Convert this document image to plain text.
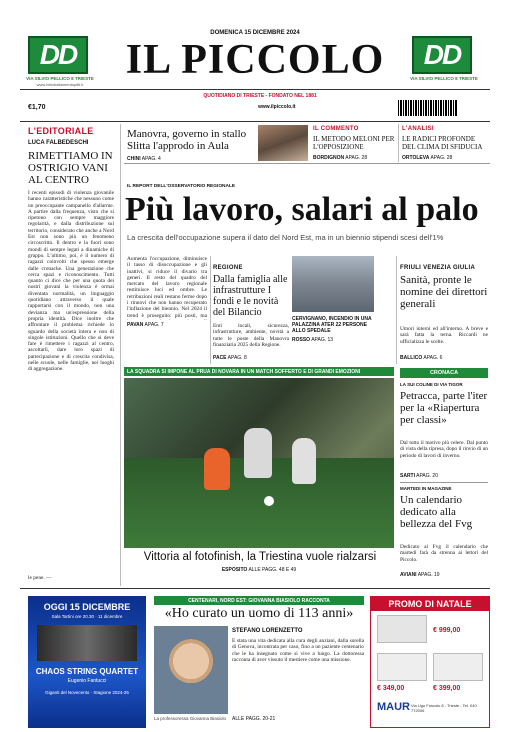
DD
VIA SILVIO PELLICO 8 TRIESTE
www.lottotrattamentopitti.it
DD
VIA SILVIO PELLICO 8 TRIESTE
DOMENICA 15 DICEMBRE 2024
IL PICCOLO
QUOTIDIANO DI TRIESTE - FONDATO NEL 1881
€1,70	www.ilpiccolo.it
L'EDITORIALE
LUCA FALBEDESCHI
RIMETTIAMO IN OSTRIGIO VANI AL CENTRO
I recenti episodi di violenza giovanile hanno caratteristiche che nessuno come un preoccupante campanello d'allarme. A partire dalla frequenza, visto che si ripetono con sempre maggiore regolarità, e dalla distribuzione sul territorio, considerato che anche a Nord Est non sono più un fenomeno circoscritto. Il dentro e la fuori sono mondi di sempre legati a dinamiche di gruppo. L'ultimo, poi, è il numero di ragazzi coinvolti che spesso emerge dalle cronache. Una generazione che cerca spazi e riconoscimento. Tutti quanto ci dice che per una quota dei nostri giovani la violenza è ormai diventata normalità, un linguaggio quotidiano attraverso il quale rapportarsi con il mondo, non una devianza ma un'espressione della propria identità. Dice inoltre che affrontare il problema richiede lo sguardo della società intera e non di singole istituzioni. Quello che si deve fare è rimettere i ragazzi al centro, ascoltarli, dare loro spazi di partecipazione e di crescita condivisa, nelle scuole, nelle famiglie, nei luoghi di aggregazione.
le pene. —
Manovra, governo in stallo Slitta l'approdo in Aula
CHINI APAG. 4
IL COMMENTO
IL METODO MELONI PER L'OPPOSIZIONE
BORDIGNON APAG. 28
L'ANALISI
LE RADICI PROFONDE DEL CLIMA DI SFIDUCIA
ORTOLEVA APAG. 28
IL REPORT DELL'OSSERVATORIO REGIONALE
Più lavoro, salari al palo
La crescita dell'occupazione supera il dato del Nord Est, ma in un biennio stipendi scesi dell'1%
Aumenta l'occupazione, diminuisce il tasso di disoccupazione e gli inattivi, si riduce il divario tra generi. Il resto del quadro del mercato del lavoro regionale restituisce luci ed ombre. Le retribuzioni reali restano ferme dopo i rinnovi che non hanno recuperato l'inflazione del biennio. Nel 2024 il trend è proseguito: più posti, ma
PAVAN APAG. 7
REGIONE
Dalla famiglia alle infrastrutture I fondi e le novità del Bilancio
Enti locali, sicurezza, infrastrutture, ambiente, novità a tutte le poste della Manovra finanziaria 2025 della Regione.
PACE APAG. 8
CERVIGNANO, INCENDIO IN UNA PALAZZINA ATER 22 PERSONE ALLO SPEDALE
ROSSO APAG. 13
FRIULI VENEZIA GIULIA
Sanità, pronte le nomine dei direttori generali
Umori interni ed all'interno. A breve e sarà fatta la terna. Riccardi ne ufficializza le scelte.
BALLICO APAG. 6
LA SQUADRA SI IMPONE AL PRUA DI NOVARA IN UN MATCH SOFFERTO E DI GRANDI EMOZIONI
Vittoria al fotofinish, la Triestina vuole rialzarsi
ESPOSITO ALLE PAGG. 48 E 49
CRONACA
LA SUI COLINE DI VIA TIGOR
Petracca, parte l'iter per la «Riapertura per classi»
Dal tutto il motivo più celere. Dal punto di vista della ripresa, dopo il rinvio di un periodo di lavori di inverno.
SARTI APAG. 20
MARTEDI IN MAGAZINE
Un calendario dedicato alla bellezza del Fvg
Dedicato al Fvg il calendario che martedì farà da strenna ai lettori del Piccolo.
AVIANI APAG. 19
OGGI 15 DICEMBRE
Sala Tartini ore 20.30 · 11 dicembre
CHAOS STRING QUARTET
Eugenio Fantucci
Giganti del Novecento · Stagione 2024-25
CENTENARI, NORD EST: GIOVANNA BIASIOLO RACCONTA
«Ho curato un uomo di 113 anni»
La professoressa Giovanna Biasiolo
STEFANO LORENZETTO
È stata una vita dedicata alla cura degli anziani, dalla sorella di Genova, incontrata per caso, fino a un paziente centenario che le ha insegnato come si vive a lungo. La dottoressa racconta di aver vissuto il mestiere come una missione.
ALLE PAGG. 20-21
PROMO DI NATALE
€ 999,00
€ 349,00	€ 399,00
MAUR Via Ugo Foscolo 8 - Trieste - Tel. 040 772006
